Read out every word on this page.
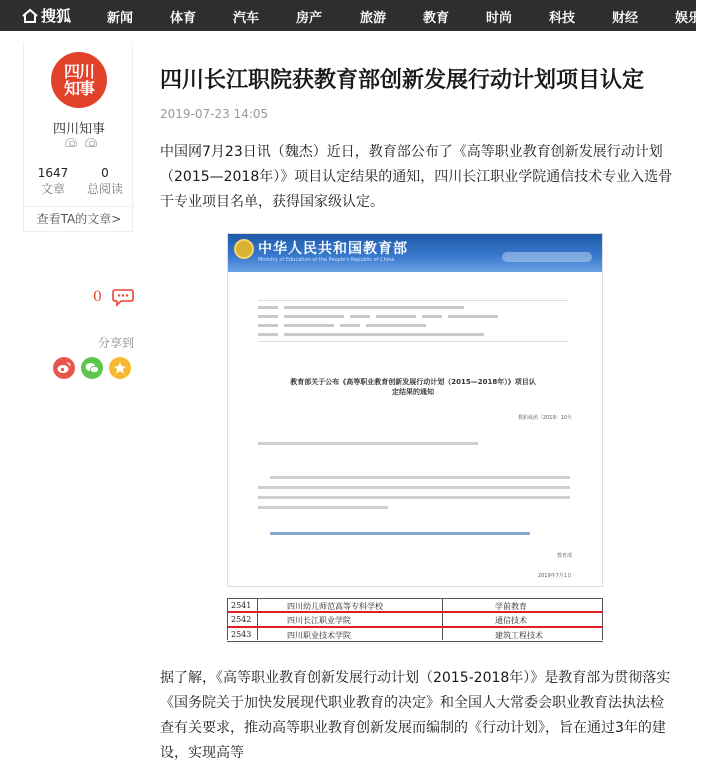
搜狐	新闻	体育	汽车	房产	旅游	教育	时尚	科技	财经	娱乐
四川知事
四川知事
1647
文章
0
总阅读
查看TA的文章>
0
分享到
四川长江职院获教育部创新发展行动计划项目认定
2019-07-23 14:05

中国网7月23日讯（魏杰）近日，教育部公布了《高等职业教育创新发展行动计划（2015—2018年）》项目认定结果的通知，四川长江职业学院通信技术专业入选骨干专业项目名单，获得国家级认定。

中华人民共和国教育部
Ministry of Education of the People's Republic of China
教育部关于公布《高等职业教育创新发展行动计划（2015—2018年）》项目认定结果的通知
教职成函〔2019〕10号
教育部
2019年7月1日
2541	四川幼儿师范高等专科学校	学前教育
2542	四川长江职业学院	通信技术
2543	四川职业技术学院	建筑工程技术

据了解，《高等职业教育创新发展行动计划（2015-2018年）》是教育部为贯彻落实《国务院关于加快发展现代职业教育的决定》和全国人大常委会职业教育法执法检查有关要求，推动高等职业教育创新发展而编制的《行动计划》，旨在通过3年的建设，实现高等
